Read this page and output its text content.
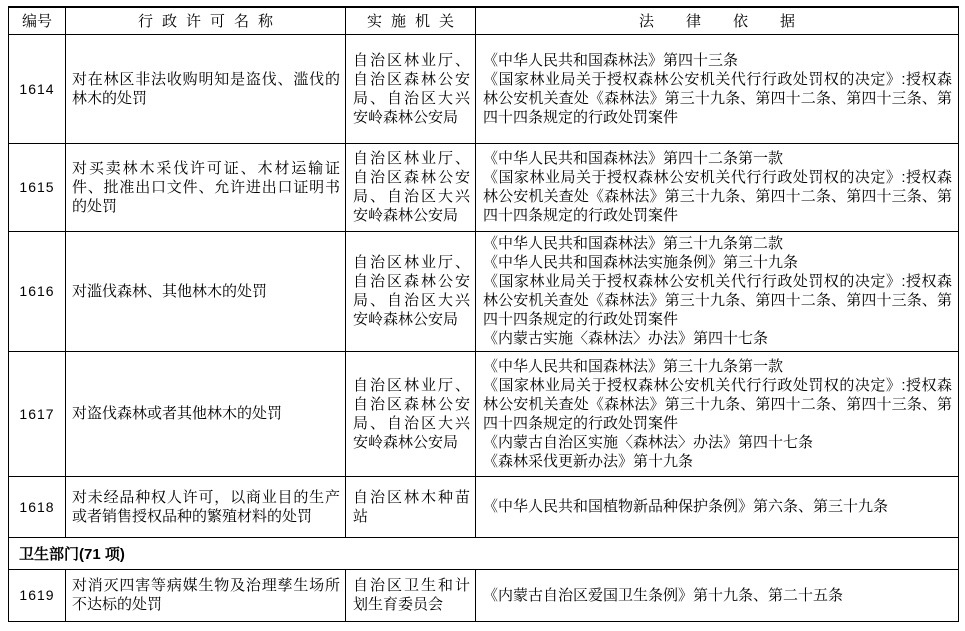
编号	行政许可名称	实施机关	法律依据
1614	对在林区非法收购明知是盗伐、滥伐的林木的处罚	自治区林业厅、自治区森林公安局、自治区大兴安岭森林公安局	《中华人民共和国森林法》第四十三条
《国家林业局关于授权森林公安机关代行行政处罚权的决定》:授权森林公安机关查处《森林法》第三十九条、第四十二条、第四十三条、第四十四条规定的行政处罚案件

1615	对买卖林木采伐许可证、木材运输证件、批准出口文件、允许进出口证明书的处罚	自治区林业厅、自治区森林公安局、自治区大兴安岭森林公安局	《中华人民共和国森林法》第四十二条第一款
《国家林业局关于授权森林公安机关代行行政处罚权的决定》:授权森林公安机关查处《森林法》第三十九条、第四十二条、第四十三条、第四十四条规定的行政处罚案件

1616	对滥伐森林、其他林木的处罚	自治区林业厅、自治区森林公安局、自治区大兴安岭森林公安局	《中华人民共和国森林法》第三十九条第二款
《中华人民共和国森林法实施条例》第三十九条
《国家林业局关于授权森林公安机关代行行政处罚权的决定》:授权森林公安机关查处《森林法》第三十九条、第四十二条、第四十三条、第四十四条规定的行政处罚案件
《内蒙古实施〈森林法〉办法》第四十七条

1617	对盗伐森林或者其他林木的处罚	自治区林业厅、自治区森林公安局、自治区大兴安岭森林公安局	《中华人民共和国森林法》第三十九条第一款
《国家林业局关于授权森林公安机关代行行政处罚权的决定》:授权森林公安机关查处《森林法》第三十九条、第四十二条、第四十三条、第四十四条规定的行政处罚案件
《内蒙古自治区实施〈森林法〉办法》第四十七条
《森林采伐更新办法》第十九条

1618	对未经品种权人许可，以商业目的生产或者销售授权品种的繁殖材料的处罚	自治区林木种苗站	《中华人民共和国植物新品种保护条例》第六条、第三十九条

卫生部门(71 项)			
1619	对消灭四害等病媒生物及治理孳生场所不达标的处罚	自治区卫生和计划生育委员会	《内蒙古自治区爱国卫生条例》第十九条、第二十五条
